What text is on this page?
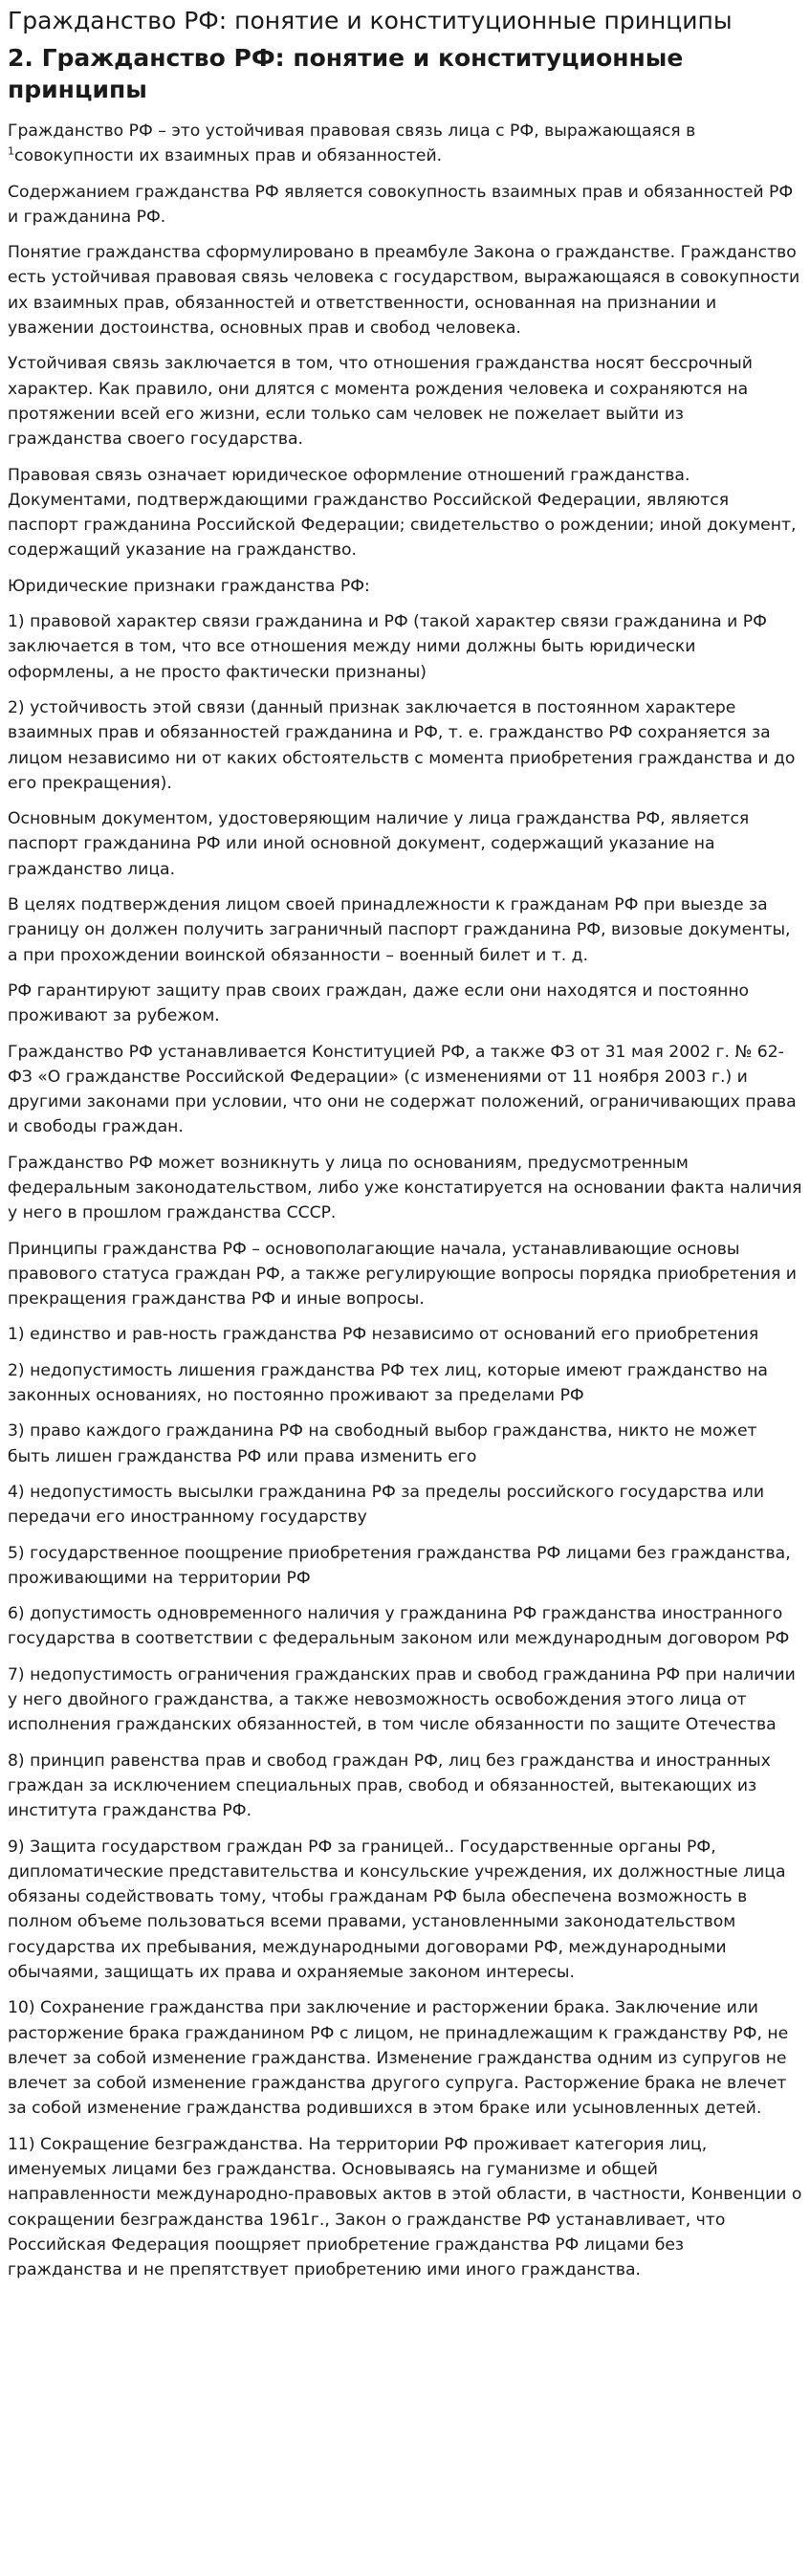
Гражданство РФ: понятие и конституционные принципы
2. Гражданство РФ: понятие и конституционные принципы

Гражданство РФ – это устойчивая правовая связь лица с РФ, выражающаяся в $^1$совокупности их взаимных прав и обязанностей.

Содержанием гражданства РФ является совокупность взаимных прав и обязанностей РФ и гражданина РФ.

Понятие гражданства сформулировано в преамбуле Закона о гражданстве. Гражданство есть устойчивая правовая связь человека с государством, выражающаяся в совокупности их взаимных прав, обязанностей и ответственности, основанная на признании и уважении достоинства, основных прав и свобод человека.

Устойчивая связь заключается в том, что отношения гражданства носят бессрочный характер. Как правило, они длятся с момента рождения человека и сохраняются на протяжении всей его жизни, если только сам человек не пожелает выйти из гражданства своего государства.

Правовая связь означает юридическое оформление отношений гражданства. Документами, подтверждающими гражданство Российской Федерации, являются паспорт гражданина Российской Федерации; свидетельство о рождении; иной документ, содержащий указание на гражданство.

Юридические признаки гражданства РФ:

1) правовой характер связи гражданина и РФ (такой характер связи гражданина и РФ заключается в том, что все отношения между ними должны быть юридически оформлены, а не просто фактически признаны)

2) устойчивость этой связи (данный признак заключается в постоянном характере взаимных прав и обязанностей гражданина и РФ, т. е. гражданство РФ сохраняется за лицом независимо ни от каких обстоятельств с момента приобретения гражданства и до его прекращения).

Основным документом, удостоверяющим наличие у лица гражданства РФ, является паспорт гражданина РФ или иной основной документ, содержащий указание на гражданство лица.

В целях подтверждения лицом своей принадлежности к гражданам РФ при выезде за границу он должен получить заграничный паспорт гражданина РФ, визовые документы, а при прохождении воинской обязанности – военный билет и т. д.

РФ гарантируют защиту прав своих граждан, даже если они находятся и постоянно проживают за рубежом.

Гражданство РФ устанавливается Конституцией РФ, а также ФЗ от 31 мая 2002 г. № 62-ФЗ «О гражданстве Российской Федерации» (с изменениями от 11 ноября 2003 г.) и другими законами при условии, что они не содержат положений, ограничивающих права и свободы граждан.

Гражданство РФ может возникнуть у лица по основаниям, предусмотренным федеральным законодательством, либо уже констатируется на основании факта наличия у него в прошлом гражданства СССР.

Принципы гражданства РФ – основополагающие начала, устанавливающие основы правового статуса граждан РФ, а также регулирующие вопросы порядка приобретения и прекращения гражданства РФ и иные вопросы.

1) единство и рав-ность гражданства РФ независимо от оснований его приобретения

2) недопустимость лишения гражданства РФ тех лиц, которые имеют гражданство на законных основаниях, но постоянно проживают за пределами РФ

3) право каждого гражданина РФ на свободный выбор гражданства, никто не может быть лишен гражданства РФ или права изменить его

4) недопустимость высылки гражданина РФ за пределы российского государства или передачи его иностранному государству

5) государственное поощрение приобретения гражданства РФ лицами без гражданства, проживающими на территории РФ

6) допустимость одновременного наличия у гражданина РФ гражданства иностранного государства в соответствии с федеральным законом или международным договором РФ

7) недопустимость ограничения гражданских прав и свобод гражданина РФ при наличии у него двойного гражданства, а также невозможность освобождения этого лица от исполнения гражданских обязанностей, в том числе обязанности по защите Отечества

8) принцип равенства прав и свобод граждан РФ, лиц без гражданства и иностранных граждан за исключением специальных прав, свобод и обязанностей, вытекающих из института гражданства РФ.

9) Защита государством граждан РФ за границей.. Государственные органы РФ, дипломатические представительства и консульские учреждения, их должностные лица обязаны содействовать тому, чтобы гражданам РФ была обеспечена возможность в полном объеме пользоваться всеми правами, установленными законодательством государства их пребывания, международными договорами РФ, международными обычаями, защищать их права и охраняемые законом интересы.

10) Сохранение гражданства при заключение и расторжении брака. Заключение или расторжение брака гражданином РФ с лицом, не принадлежащим к гражданству РФ, не влечет за собой изменение гражданства. Изменение гражданства одним из супругов не влечет за собой изменение гражданства другого супруга. Расторжение брака не влечет за собой изменение гражданства родившихся в этом браке или усыновленных детей.

11) Сокращение безгражданства. На территории РФ проживает категория лиц, именуемых лицами без гражданства. Основываясь на гуманизме и общей направленности международно-правовых актов в этой области, в частности, Конвенции о сокращении безгражданства 1961г., Закон о гражданстве РФ устанавливает, что Российская Федерация поощряет приобретение гражданства РФ лицами без гражданства и не препятствует приобретению ими иного гражданства.
